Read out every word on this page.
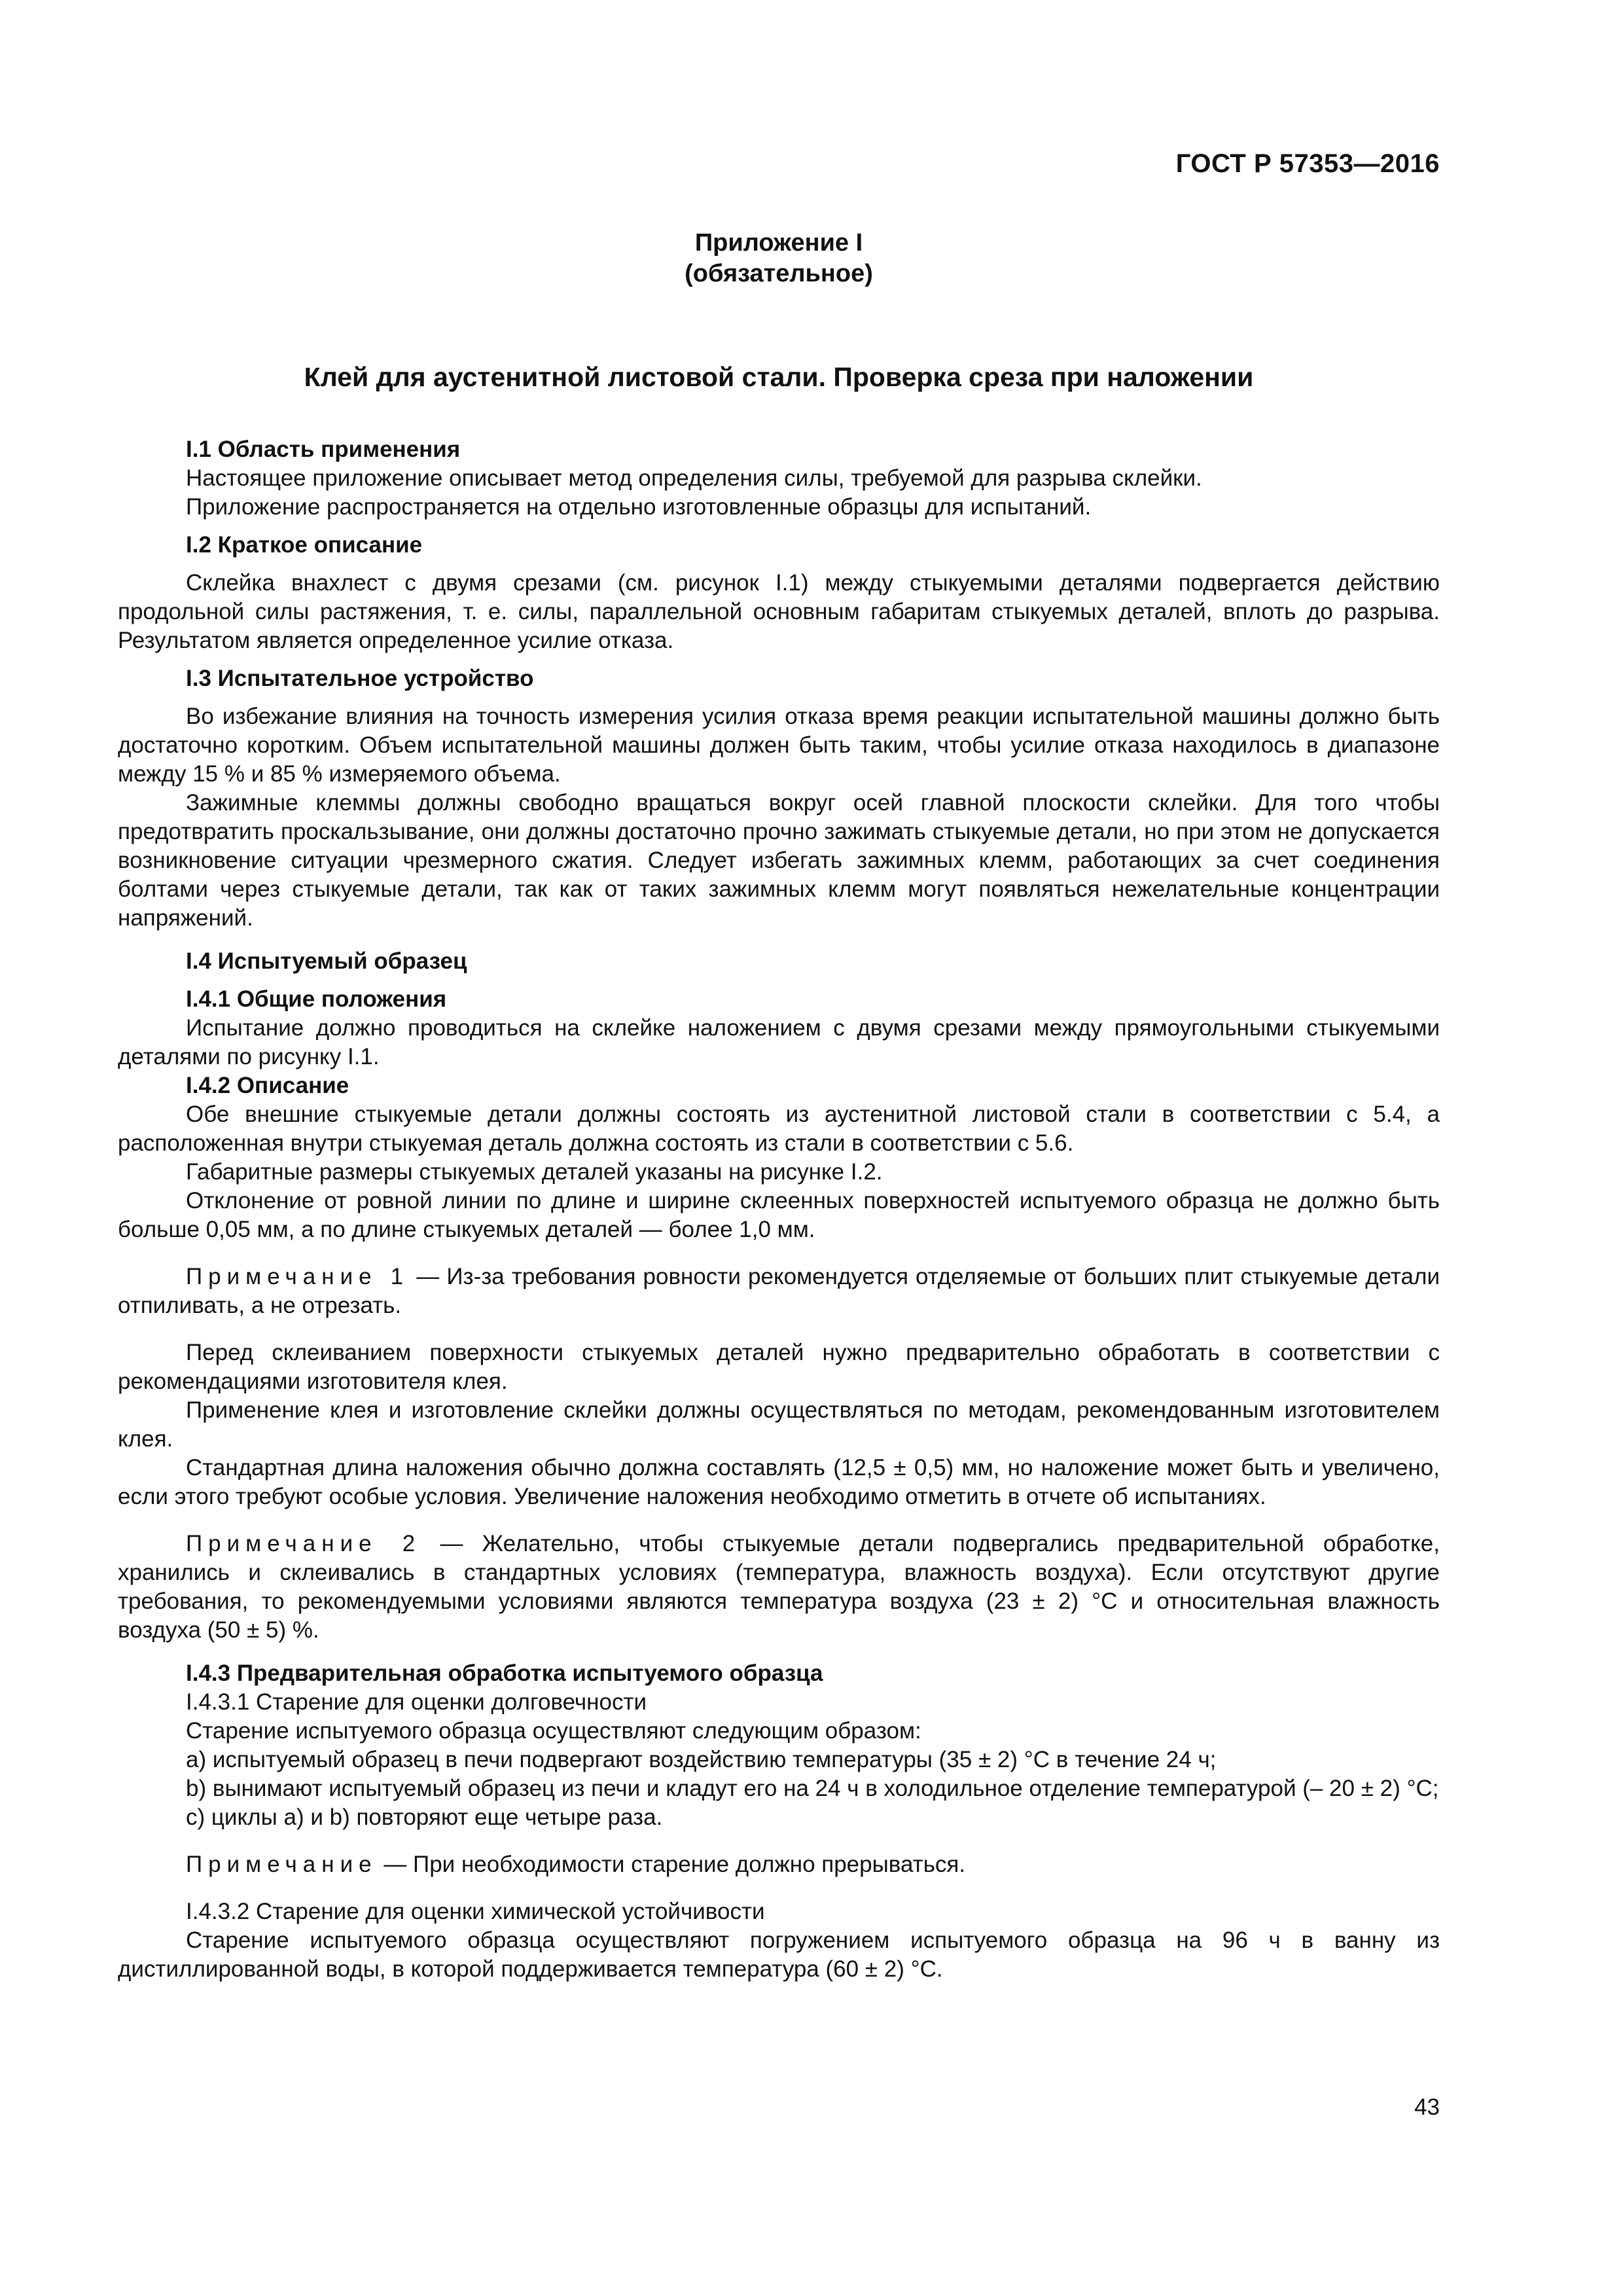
ГОСТ Р 57353—2016
Приложение I
(обязательное)
Клей для аустенитной листовой стали. Проверка среза при наложении

I.1 Область применения

Настоящее приложение описывает метод определения силы, требуемой для разрыва склейки.

Приложение распространяется на отдельно изготовленные образцы для испытаний.

I.2 Краткое описание

Склейка внахлест с двумя срезами (см. рисунок I.1) между стыкуемыми деталями подвергается действию продольной силы растяжения, т. е. силы, параллельной основным габаритам стыкуемых деталей, вплоть до разрыва. Результатом является определенное усилие отказа.

I.3 Испытательное устройство

Во избежание влияния на точность измерения усилия отказа время реакции испытательной машины должно быть достаточно коротким. Объем испытательной машины должен быть таким, чтобы усилие отказа находилось в диапазоне между 15 % и 85 % измеряемого объема.

Зажимные клеммы должны свободно вращаться вокруг осей главной плоскости склейки. Для того чтобы предотвратить проскальзывание, они должны достаточно прочно зажимать стыкуемые детали, но при этом не допускается возникновение ситуации чрезмерного сжатия. Следует избегать зажимных клемм, работающих за счет соединения болтами через стыкуемые детали, так как от таких зажимных клемм могут появляться нежелательные концентрации напряжений.

I.4 Испытуемый образец

I.4.1 Общие положения

Испытание должно проводиться на склейке наложением с двумя срезами между прямоугольными стыкуемыми деталями по рисунку I.1.

I.4.2 Описание

Обе внешние стыкуемые детали должны состоять из аустенитной листовой стали в соответствии с 5.4, а расположенная внутри стыкуемая деталь должна состоять из стали в соответствии с 5.6.

Габаритные размеры стыкуемых деталей указаны на рисунке I.2.

Отклонение от ровной линии по длине и ширине склеенных поверхностей испытуемого образца не должно быть больше 0,05 мм, а по длине стыкуемых деталей — более 1,0 мм.

Примечание 1 — Из-за требования ровности рекомендуется отделяемые от больших плит стыкуемые детали отпиливать, а не отрезать.

Перед склеиванием поверхности стыкуемых деталей нужно предварительно обработать в соответствии с рекомендациями изготовителя клея.

Применение клея и изготовление склейки должны осуществляться по методам, рекомендованным изготовителем клея.

Стандартная длина наложения обычно должна составлять (12,5 ± 0,5) мм, но наложение может быть и увеличено, если этого требуют особые условия. Увеличение наложения необходимо отметить в отчете об испытаниях.

Примечание 2 — Желательно, чтобы стыкуемые детали подвергались предварительной обработке, хранились и склеивались в стандартных условиях (температура, влажность воздуха). Если отсутствуют другие требования, то рекомендуемыми условиями являются температура воздуха (23 ± 2) °С и относительная влажность воздуха (50 ± 5) %.

I.4.3 Предварительная обработка испытуемого образца

I.4.3.1 Старение для оценки долговечности

Старение испытуемого образца осуществляют следующим образом:

a) испытуемый образец в печи подвергают воздействию температуры (35 ± 2) °С в течение 24 ч;

b) вынимают испытуемый образец из печи и кладут его на 24 ч в холодильное отделение температурой (– 20 ± 2) °С;

c) циклы a) и b) повторяют еще четыре раза.

Примечание — При необходимости старение должно прерываться.

I.4.3.2 Старение для оценки химической устойчивости

Старение испытуемого образца осуществляют погружением испытуемого образца на 96 ч в ванну из дистиллированной воды, в которой поддерживается температура (60 ± 2) °С.

43
